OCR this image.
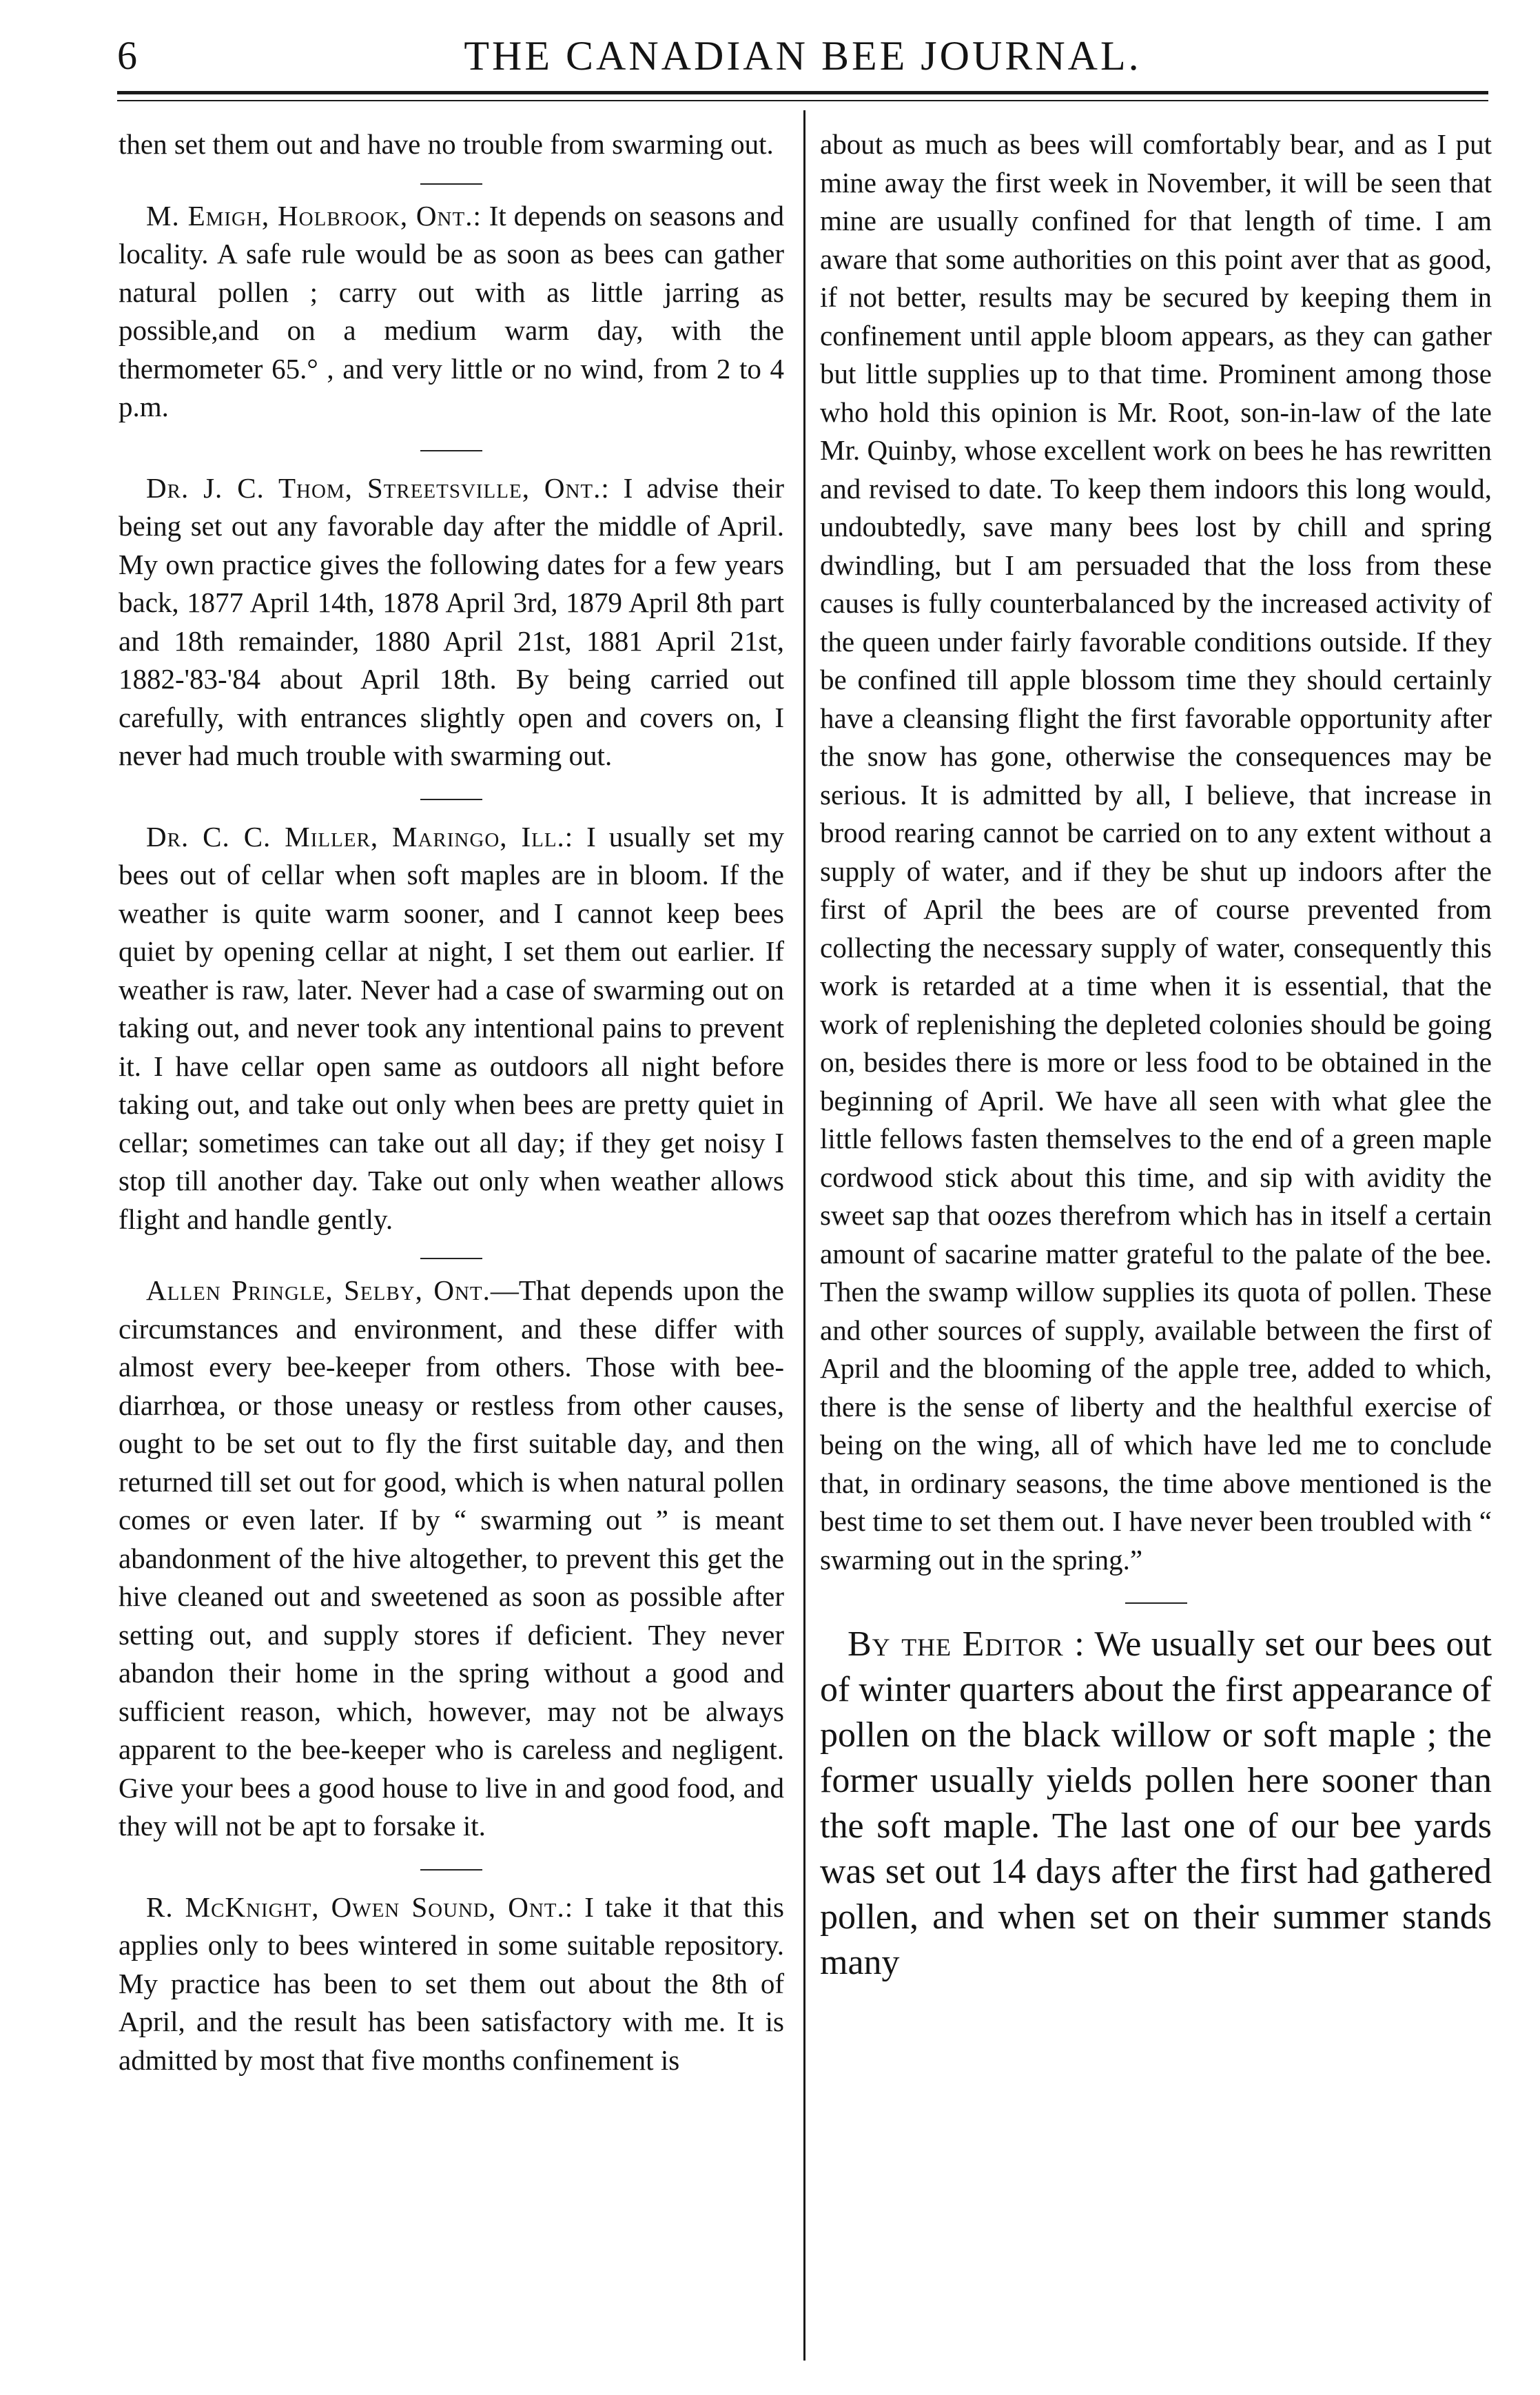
6	THE CANADIAN BEE JOURNAL.

then set them out and have no trouble from swarming out.

M. Emigh, Holbrook, Ont.: It depends on seasons and locality. A safe rule would be as soon as bees can gather natural pollen ; carry out with as little jarring as possible,and on a medium warm day, with the thermometer 65.° , and very little or no wind, from 2 to 4 p.m.

Dr. J. C. Thom, Streetsville, Ont.: I advise their being set out any favorable day after the middle of April. My own practice gives the following dates for a few years back, 1877 April 14th, 1878 April 3rd, 1879 April 8th part and 18th remainder, 1880 April 21st, 1881 April 21st, 1882-'83-'84 about April 18th. By being carried out carefully, with entrances slightly open and covers on, I never had much trouble with swarming out.

Dr. C. C. Miller, Maringo, Ill.: I usually set my bees out of cellar when soft maples are in bloom. If the weather is quite warm sooner, and I cannot keep bees quiet by opening cellar at night, I set them out earlier. If weather is raw, later. Never had a case of swarming out on taking out, and never took any intentional pains to prevent it. I have cellar open same as outdoors all night before taking out, and take out only when bees are pretty quiet in cellar; sometimes can take out all day; if they get noisy I stop till another day. Take out only when weather allows flight and handle gently.

Allen Pringle, Selby, Ont.—That depends upon the circumstances and environment, and these differ with almost every bee-keeper from others. Those with bee-diarrhœa, or those uneasy or restless from other causes, ought to be set out to fly the first suitable day, and then returned till set out for good, which is when natural pollen comes or even later. If by “ swarming out ” is meant abandonment of the hive altogether, to prevent this get the hive cleaned out and sweetened as soon as possible after setting out, and supply stores if deficient. They never abandon their home in the spring without a good and sufficient reason, which, however, may not be always apparent to the bee-keeper who is careless and negligent. Give your bees a good house to live in and good food, and they will not be apt to forsake it.

R. McKnight, Owen Sound, Ont.: I take it that this applies only to bees wintered in some suitable repository. My practice has been to set them out about the 8th of April, and the result has been satisfactory with me. It is admitted by most that five months confinement is

about as much as bees will comfortably bear, and as I put mine away the first week in November, it will be seen that mine are usually confined for that length of time. I am aware that some authorities on this point aver that as good, if not better, results may be secured by keeping them in confinement until apple bloom appears, as they can gather but little supplies up to that time. Prominent among those who hold this opinion is Mr. Root, son-in-law of the late Mr. Quinby, whose excellent work on bees he has rewritten and revised to date. To keep them indoors this long would, undoubtedly, save many bees lost by chill and spring dwindling, but I am persuaded that the loss from these causes is fully counterbalanced by the increased activity of the queen under fairly favorable conditions outside. If they be confined till apple blossom time they should certainly have a cleansing flight the first favorable opportunity after the snow has gone, otherwise the consequences may be serious. It is admitted by all, I believe, that increase in brood rearing cannot be carried on to any extent without a supply of water, and if they be shut up indoors after the first of April the bees are of course prevented from collecting the necessary supply of water, consequently this work is retarded at a time when it is essential, that the work of replenishing the depleted colonies should be going on, besides there is more or less food to be obtained in the beginning of April. We have all seen with what glee the little fellows fasten themselves to the end of a green maple cordwood stick about this time, and sip with avidity the sweet sap that oozes therefrom which has in itself a certain amount of sacarine matter grateful to the palate of the bee. Then the swamp willow supplies its quota of pollen. These and other sources of supply, available between the first of April and the blooming of the apple tree, added to which, there is the sense of liberty and the healthful exercise of being on the wing, all of which have led me to conclude that, in ordinary seasons, the time above mentioned is the best time to set them out. I have never been troubled with “ swarming out in the spring.”

By the Editor : We usually set our bees out of winter quarters about the first appearance of pollen on the black willow or soft maple ; the former usually yields pollen here sooner than the soft maple. The last one of our bee yards was set out 14 days after the first had gathered pollen, and when set on their summer stands many
